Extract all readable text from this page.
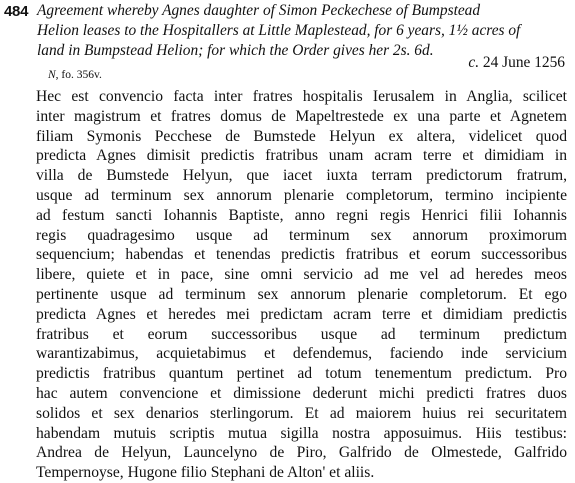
484 Agreement whereby Agnes daughter of Simon Peckechese of Bumpstead
Helion leases to the Hospitallers at Little Maplestead, for 6 years, 1½ acres of
land in Bumpstead Helion; for which the Order gives her 2s. 6d.
N, fo. 356v.
c. 24 June 1256
Hec est convencio facta inter fratres hospitalis Ierusalem in Anglia, scilicet
inter magistrum et fratres domus de Mapeltrestede ex una parte et Agnetem
filiam Symonis Pecchese de Bumstede Helyun ex altera, videlicet quod
predicta Agnes dimisit predictis fratribus unam acram terre et dimidiam in
villa de Bumstede Helyun, que iacet iuxta terram predictorum fratrum,
usque ad terminum sex annorum plenarie completorum, termino incipiente
ad festum sancti Iohannis Baptiste, anno regni regis Henrici filii Iohannis
regis quadragesimo usque ad terminum sex annorum proximorum
sequencium; habendas et tenendas predictis fratribus et eorum successoribus
libere, quiete et in pace, sine omni servicio ad me vel ad heredes meos
pertinente usque ad terminum sex annorum plenarie completorum. Et ego
predicta Agnes et heredes mei predictam acram terre et dimidiam predictis
fratribus et eorum successoribus usque ad terminum predictum
warantizabimus, acquietabimus et defendemus, faciendo inde servicium
predictis fratribus quantum pertinet ad totum tenementum predictum. Pro
hac autem convencione et dimissione dederunt michi predicti fratres duos
solidos et sex denarios sterlingorum. Et ad maiorem huius rei securitatem
habendam mutuis scriptis mutua sigilla nostra apposuimus. Hiis testibus:
Andrea de Helyun, Launcelyno de Piro, Galfrido de Olmestede, Galfrido
Tempernoyse, Hugone filio Stephani de Alton' et aliis.
